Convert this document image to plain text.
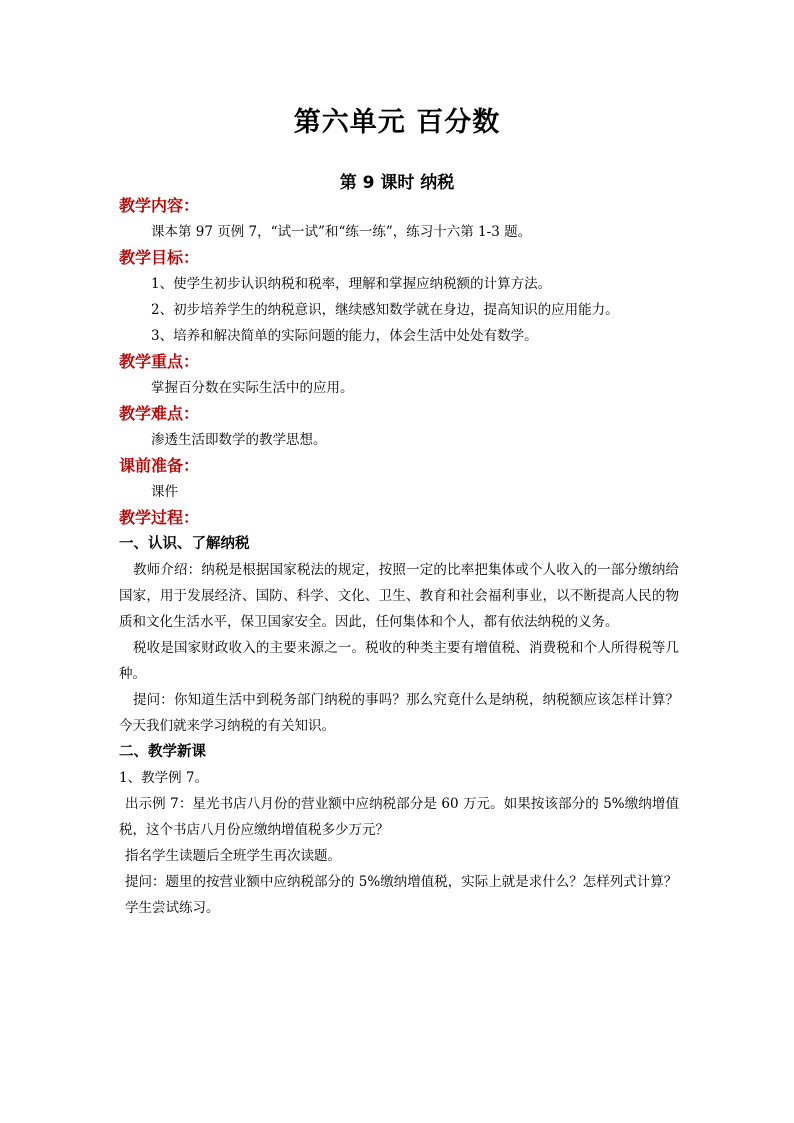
第六单元 百分数
第 9 课时 纳税

教学内容：

课本第 97 页例 7，“试一试”和“练一练”，练习十六第 1-3 题。

教学目标：

1、使学生初步认识纳税和税率，理解和掌握应纳税额的计算方法。

2、初步培养学生的纳税意识，继续感知数学就在身边，提高知识的应用能力。

3、培养和解决简单的实际问题的能力，体会生活中处处有数学。

教学重点：

掌握百分数在实际生活中的应用。

教学难点：

渗透生活即数学的教学思想。

课前准备：

课件

教学过程：

一、认识、了解纳税

教师介绍：纳税是根据国家税法的规定，按照一定的比率把集体或个人收入的一部分缴纳给国家，用于发展经济、国防、科学、文化、卫生、教育和社会福利事业，以不断提高人民的物质和文化生活水平，保卫国家安全。因此，任何集体和个人，都有依法纳税的义务。

税收是国家财政收入的主要来源之一。税收的种类主要有增值税、消费税和个人所得税等几种。

提问：你知道生活中到税务部门纳税的事吗？那么究竟什么是纳税，纳税额应该怎样计算？今天我们就来学习纳税的有关知识。

二、教学新课

1、教学例 7。

出示例 7：星光书店八月份的营业额中应纳税部分是 60 万元。如果按该部分的 5%缴纳增值税，这个书店八月份应缴纳增值税多少万元？

指名学生读题后全班学生再次读题。

提问：题里的按营业额中应纳税部分的 5%缴纳增值税，实际上就是求什么？怎样列式计算？

学生尝试练习。
